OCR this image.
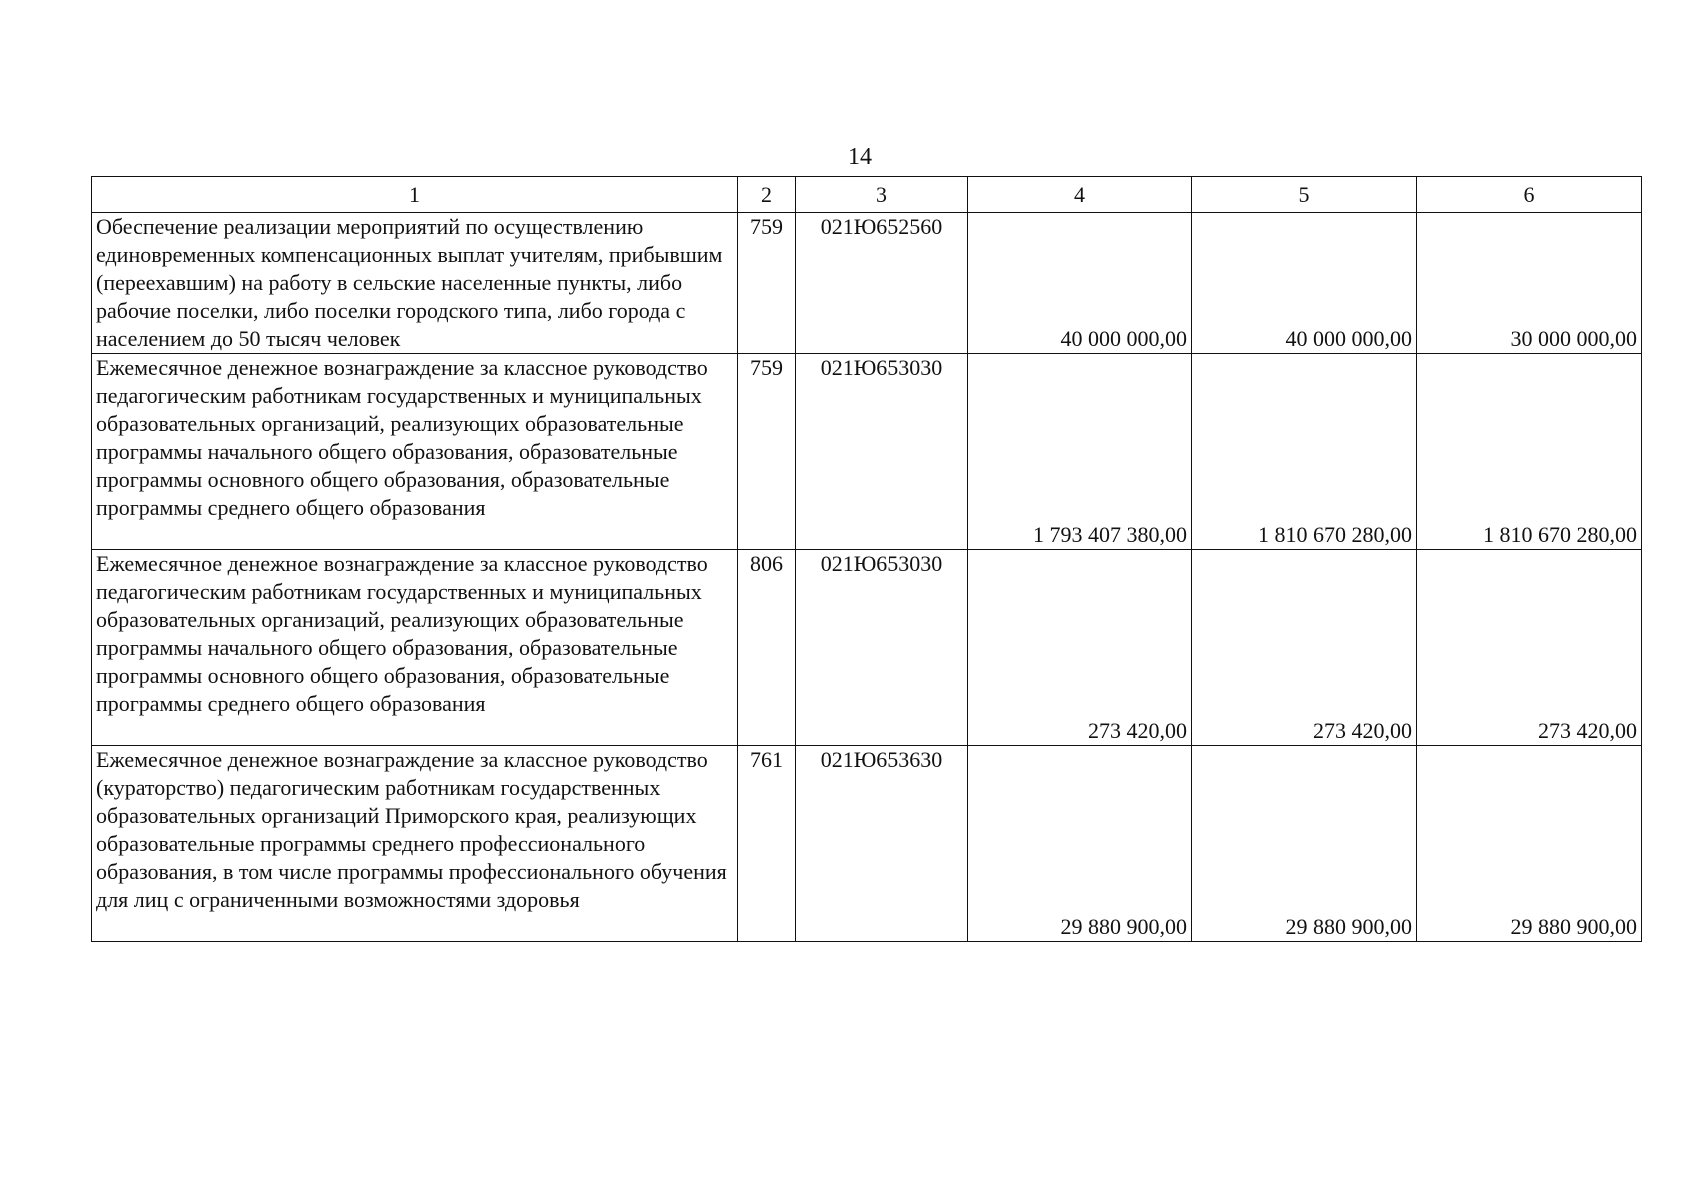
14
1	2	3	4	5	6
Обеспечение реализации мероприятий по осуществлению единовременных компенсационных выплат учителям, прибывшим (переехавшим) на работу в сельские населенные пункты, либо рабочие поселки, либо поселки городского типа, либо города с населением до 50 тысяч человек	759	021Ю652560	40 000 000,00	40 000 000,00	30 000 000,00
Ежемесячное денежное вознаграждение за классное руководство педагогическим работникам государственных и муниципальных образовательных организаций, реализующих образовательные программы начального общего образования, образовательные программы основного общего образования, образовательные программы среднего общего образования	759	021Ю653030	1 793 407 380,00	1 810 670 280,00	1 810 670 280,00
Ежемесячное денежное вознаграждение за классное руководство педагогическим работникам государственных и муниципальных образовательных организаций, реализующих образовательные программы начального общего образования, образовательные программы основного общего образования, образовательные программы среднего общего образования	806	021Ю653030	273 420,00	273 420,00	273 420,00
Ежемесячное денежное вознаграждение за классное руководство (кураторство) педагогическим работникам государственных образовательных организаций Приморского края, реализующих образовательные программы среднего профессионального образования, в том числе программы профессионального обучения для лиц с ограниченными возможностями здоровья	761	021Ю653630	29 880 900,00	29 880 900,00	29 880 900,00
